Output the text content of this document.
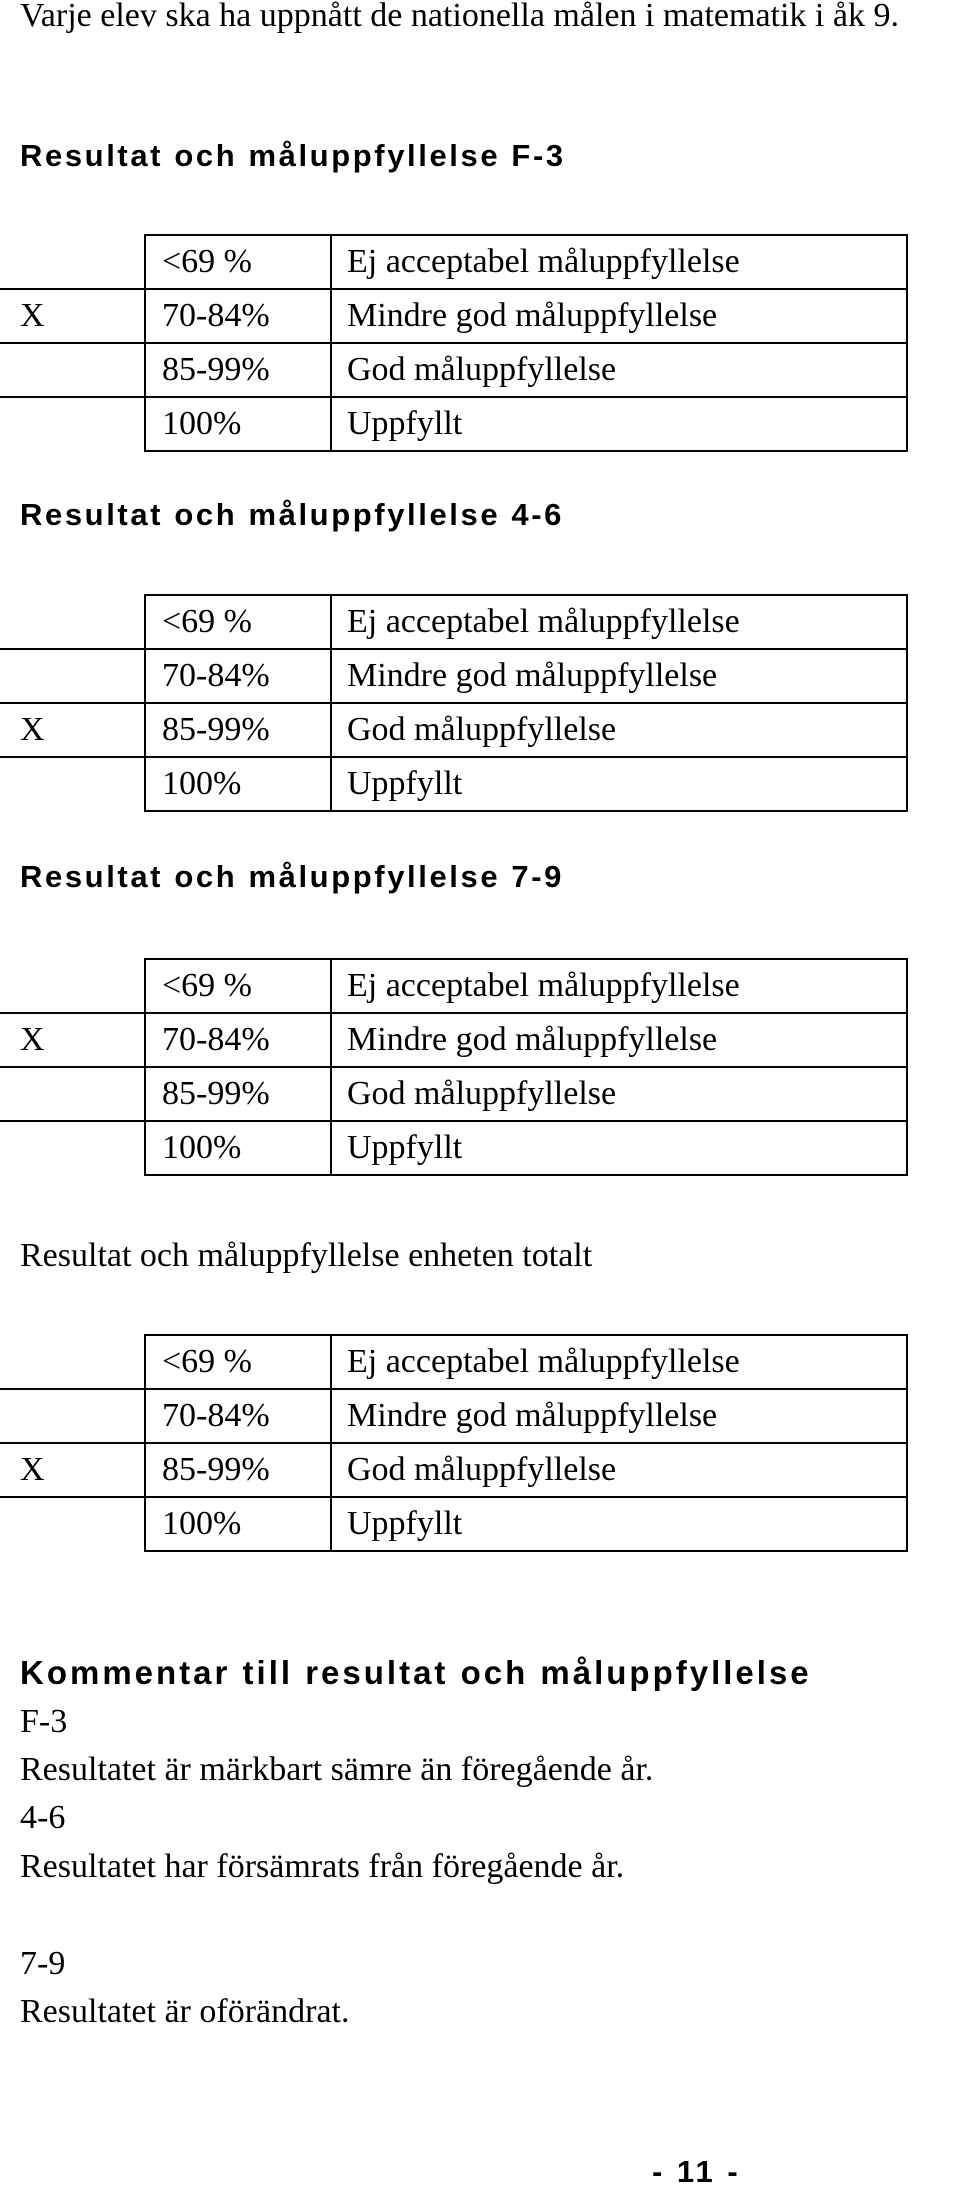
Varje elev ska ha uppnått de nationella målen i matematik i åk 9.
Resultat och måluppfyllelse F-3
	<69 %	Ej acceptabel måluppfyllelse
X	70-84%	Mindre god måluppfyllelse
	85-99%	God måluppfyllelse
	100%	Uppfyllt
Resultat och måluppfyllelse 4-6
	<69 %	Ej acceptabel måluppfyllelse
	70-84%	Mindre god måluppfyllelse
X	85-99%	God måluppfyllelse
	100%	Uppfyllt
Resultat och måluppfyllelse 7-9
	<69 %	Ej acceptabel måluppfyllelse
X	70-84%	Mindre god måluppfyllelse
	85-99%	God måluppfyllelse
	100%	Uppfyllt
Resultat och måluppfyllelse enheten totalt
	<69 %	Ej acceptabel måluppfyllelse
	70-84%	Mindre god måluppfyllelse
X	85-99%	God måluppfyllelse
	100%	Uppfyllt
Kommentar till resultat och måluppfyllelse
F-3
Resultatet är märkbart sämre än föregående år.
4-6
Resultatet har försämrats från föregående år.
7-9
Resultatet är oförändrat.
- 11 -
